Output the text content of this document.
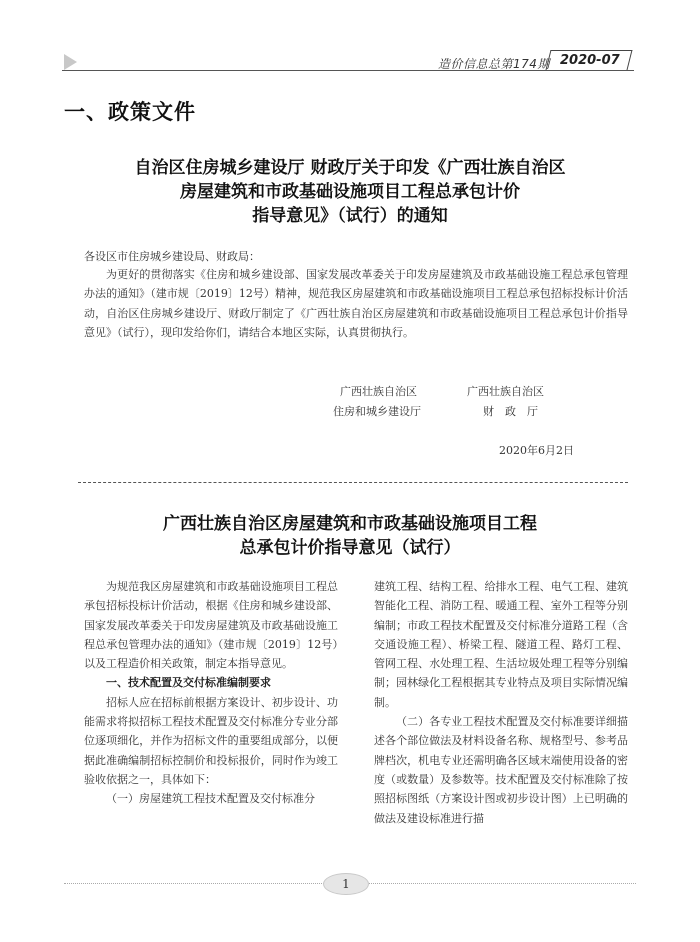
造价信息总第174期 2020-07
一、政策文件
自治区住房城乡建设厅 财政厅关于印发《广西壮族自治区
房屋建筑和市政基础设施项目工程总承包计价
指导意见》（试行）的通知
各设区市住房城乡建设局、财政局：

为更好的贯彻落实《住房和城乡建设部、国家发展改革委关于印发房屋建筑及市政基础设施工程总承包管理办法的通知》（建市规〔2019〕12号）精神，规范我区房屋建筑和市政基础设施项目工程总承包招标投标计价活动，自治区住房城乡建设厅、财政厅制定了《广西壮族自治区房屋建筑和市政基础设施项目工程总承包计价指导意见》（试行），现印发给你们，请结合本地区实际，认真贯彻执行。

广西壮族自治区
住房和城乡建设厅
广西壮族自治区
财　政　厅
2020年6月2日
广西壮族自治区房屋建筑和市政基础设施项目工程
总承包计价指导意见（试行）

为规范我区房屋建筑和市政基础设施项目工程总承包招标投标计价活动，根据《住房和城乡建设部、国家发展改革委关于印发房屋建筑及市政基础设施工程总承包管理办法的通知》（建市规〔2019〕12号）以及工程造价相关政策，制定本指导意见。

一、技术配置及交付标准编制要求

招标人应在招标前根据方案设计、初步设计、功能需求将拟招标工程技术配置及交付标准分专业分部位逐项细化，并作为招标文件的重要组成部分，以便据此准确编制招标控制价和投标报价，同时作为竣工验收依据之一，具体如下：

（一）房屋建筑工程技术配置及交付标准分

建筑工程、结构工程、给排水工程、电气工程、建筑智能化工程、消防工程、暖通工程、室外工程等分别编制；市政工程技术配置及交付标准分道路工程（含交通设施工程）、桥梁工程、隧道工程、路灯工程、管网工程、水处理工程、生活垃圾处理工程等分别编制；园林绿化工程根据其专业特点及项目实际情况编制。

（二）各专业工程技术配置及交付标准要详细描述各个部位做法及材料设备名称、规格型号、参考品牌档次，机电专业还需明确各区域末端使用设备的密度（或数量）及参数等。技术配置及交付标准除了按照招标图纸（方案设计图或初步设计图）上已明确的做法及建设标准进行描

1
